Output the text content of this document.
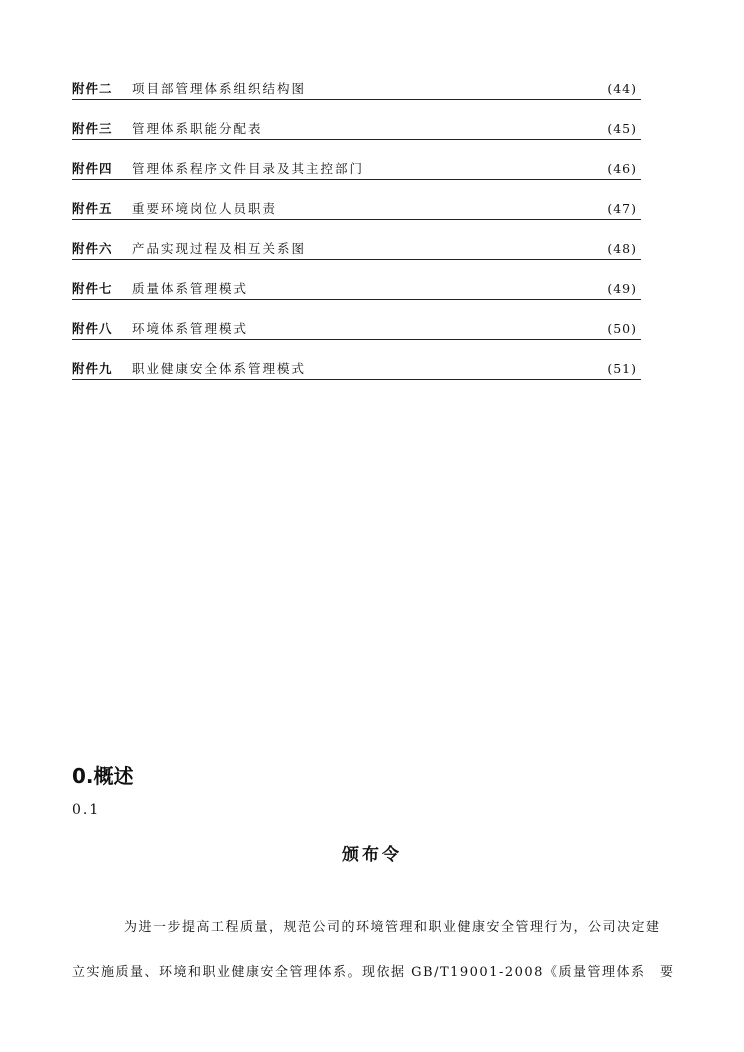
附件二 项目部管理体系组织结构图	(44)
附件三 管理体系职能分配表	(45)
附件四 管理体系程序文件目录及其主控部门	(46)
附件五 重要环境岗位人员职责	(47)
附件六 产品实现过程及相互关系图	(48)
附件七 质量体系管理模式	(49)
附件八 环境体系管理模式	(50)
附件九 职业健康安全体系管理模式	(51)
0.概述
0.1
颁布令
为进一步提高工程质量，规范公司的环境管理和职业健康安全管理行为，公司决定建
立实施质量、环境和职业健康安全管理体系。现依据 GB/T19001-2008《质量管理体系　要
